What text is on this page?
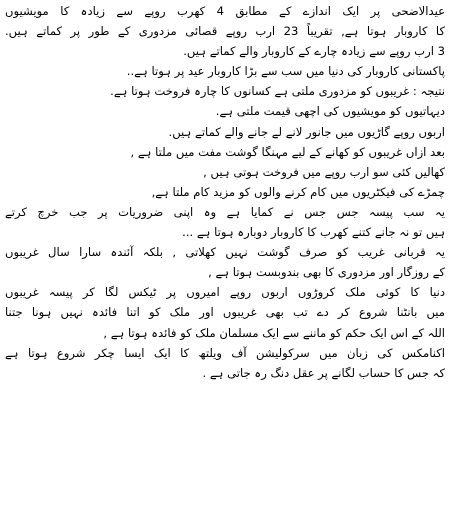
عیدالاضحی پر ایک اندازے کے مطابق 4 کھرب روپے سے زیادہ کا مویشیوں
کا کاروبار ہوتا ہے, تقریباً 23 ارب روپے قصائی مزدوری کے طور پر کماتے ہیں.
3 ارب روپے سے زیادہ چارے کے کاروبار والے کماتے ہیں.
پاکستانی کاروبار کی دنیا میں سب سے بڑا کاروبار عید پر ہوتا ہے..
نتیجہ : غریبوں کو مزدوری ملتی ہے کسانوں کا چارہ فروخت ہوتا ہے.
دیہاتیوں کو مویشیوں کی اچھی قیمت ملتی ہے.
اربوں روپے گاڑیوں میں جانور لانے لے جانے والے کماتے ہیں.
بعد ازاں غریبوں کو کھانے کے لیے مہنگا گوشت مفت میں ملتا ہے ,
کھالیں کئی سو ارب روپے میں فروخت ہوتی ہیں ,
چمڑے کی فیکٹریوں میں کام کرنے والوں کو مزید کام ملتا ہے,
یہ سب پیسہ جس جس نے کمایا ہے وہ اپنی ضروریات پر جب خرچ کرتے
ہیں تو نہ جانے کتنے کھرب کا کاروبار دوبارہ ہوتا ہے ...
یہ قربانی غریب کو صرف گوشت نہیں کھلاتی , بلکہ آئندہ سارا سال غریبوں
کے روزگار اور مزدوری کا بھی بندوبست ہوتا ہے ,
دنیا کا کوئی ملک کروڑوں اربوں روپے امیروں پر ٹیکس لگا کر پیسہ غریبوں
میں بانٹنا شروع کر دے تب بھی غریبوں اور ملک کو اتنا فائدہ نہیں ہونا جتنا
اللہ کے اس ایک حکم کو ماننے سے ایک مسلمان ملک کو فائدہ ہوتا ہے ,
اکنامکس کی زبان میں سرکولیشن آف ویلتھ کا ایک ایسا چکر شروع ہوتا ہے
کہ جس کا حساب لگانے پر عقل دنگ رہ جاتی ہے .
